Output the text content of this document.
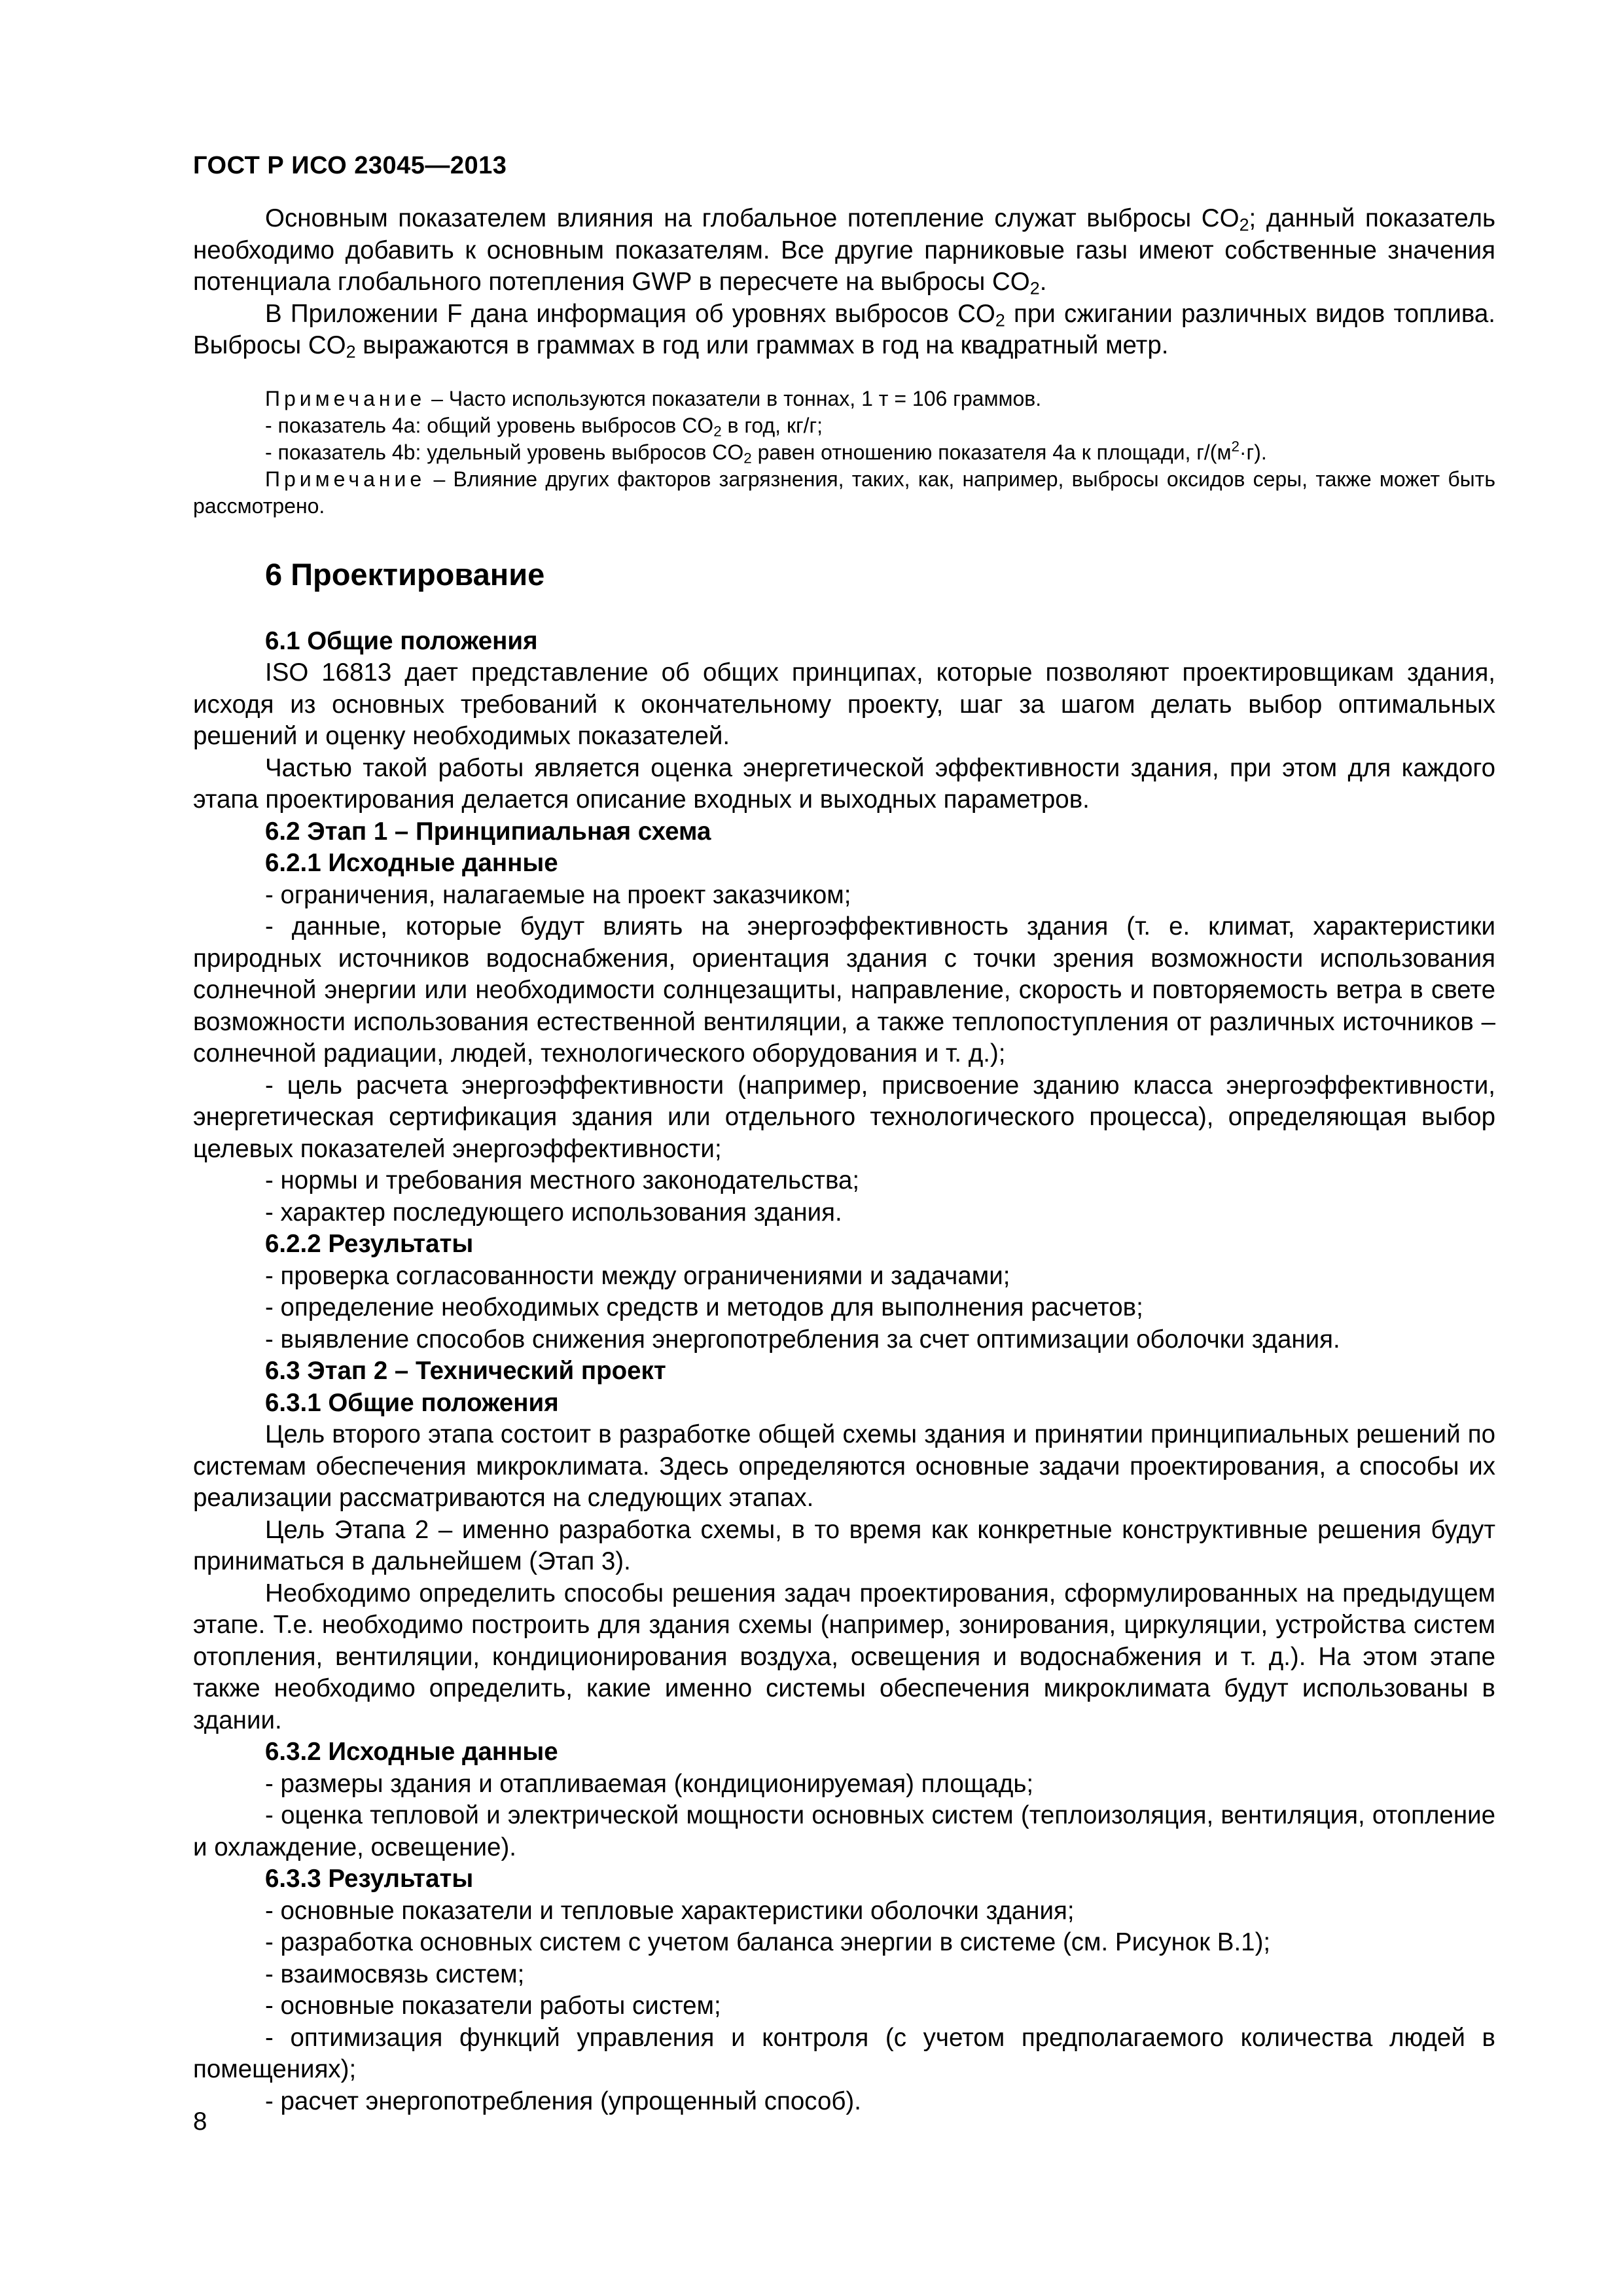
ГОСТ Р ИСО 23045—2013

Основным показателем влияния на глобальное потепление служат выбросы $CO_2$; данный показатель необходимо добавить к основным показателям. Все другие парниковые газы имеют собственные значения потенциала глобального потепления GWP в пересчете на выбросы $CO_2$.

В Приложении F дана информация об уровнях выбросов $CO_2$ при сжигании различных видов топлива. Выбросы $CO_2$ выражаются в граммах в год или граммах в год на квадратный метр.

Примечание – Часто используются показатели в тоннах, 1 т = 106 граммов.

- показатель 4a: общий уровень выбросов $CO_2$ в год, кг/г;

- показатель 4b: удельный уровень выбросов $CO_2$ равен отношению показателя 4a к площади, $г/(м^2\cdot г)$.

Примечание – Влияние других факторов загрязнения, таких, как, например, выбросы оксидов серы, также может быть рассмотрено.

6 Проектирование
6.1 Общие положения

ISO 16813 дает представление об общих принципах, которые позволяют проектировщикам здания, исходя из основных требований к окончательному проекту, шаг за шагом делать выбор оптимальных решений и оценку необходимых показателей.

Частью такой работы является оценка энергетической эффективности здания, при этом для каждого этапа проектирования делается описание входных и выходных параметров.

6.2 Этап 1 – Принципиальная схема
6.2.1 Исходные данные

- ограничения, налагаемые на проект заказчиком;

- данные, которые будут влиять на энергоэффективность здания (т. е. климат, характеристики природных источников водоснабжения, ориентация здания с точки зрения возможности использования солнечной энергии или необходимости солнцезащиты, направление, скорость и повторяемость ветра в свете возможности использования естественной вентиляции, а также теплопоступления от различных источников – солнечной радиации, людей, технологического оборудования и т. д.);

- цель расчета энергоэффективности (например, присвоение зданию класса энергоэффективности, энергетическая сертификация здания или отдельного технологического процесса), определяющая выбор целевых показателей энергоэффективности;

- нормы и требования местного законодательства;

- характер последующего использования здания.

6.2.2 Результаты

- проверка согласованности между ограничениями и задачами;

- определение необходимых средств и методов для выполнения расчетов;

- выявление способов снижения энергопотребления за счет оптимизации оболочки здания.

6.3 Этап 2 – Технический проект
6.3.1 Общие положения

Цель второго этапа состоит в разработке общей схемы здания и принятии принципиальных решений по системам обеспечения микроклимата. Здесь определяются основные задачи проектирования, а способы их реализации рассматриваются на следующих этапах.

Цель Этапа 2 – именно разработка схемы, в то время как конкретные конструктивные решения будут приниматься в дальнейшем (Этап 3).

Необходимо определить способы решения задач проектирования, сформулированных на предыдущем этапе. Т.е. необходимо построить для здания схемы (например, зонирования, циркуляции, устройства систем отопления, вентиляции, кондиционирования воздуха, освещения и водоснабжения и т. д.). На этом этапе также необходимо определить, какие именно системы обеспечения микроклимата будут использованы в здании.

6.3.2 Исходные данные

- размеры здания и отапливаемая (кондиционируемая) площадь;

- оценка тепловой и электрической мощности основных систем (теплоизоляция, вентиляция, отопление и охлаждение, освещение).

6.3.3 Результаты

- основные показатели и тепловые характеристики оболочки здания;

- разработка основных систем с учетом баланса энергии в системе (см. Рисунок B.1);

- взаимосвязь систем;

- основные показатели работы систем;

- оптимизация функций управления и контроля (с учетом предполагаемого количества людей в помещениях);

- расчет энергопотребления (упрощенный способ).

8
